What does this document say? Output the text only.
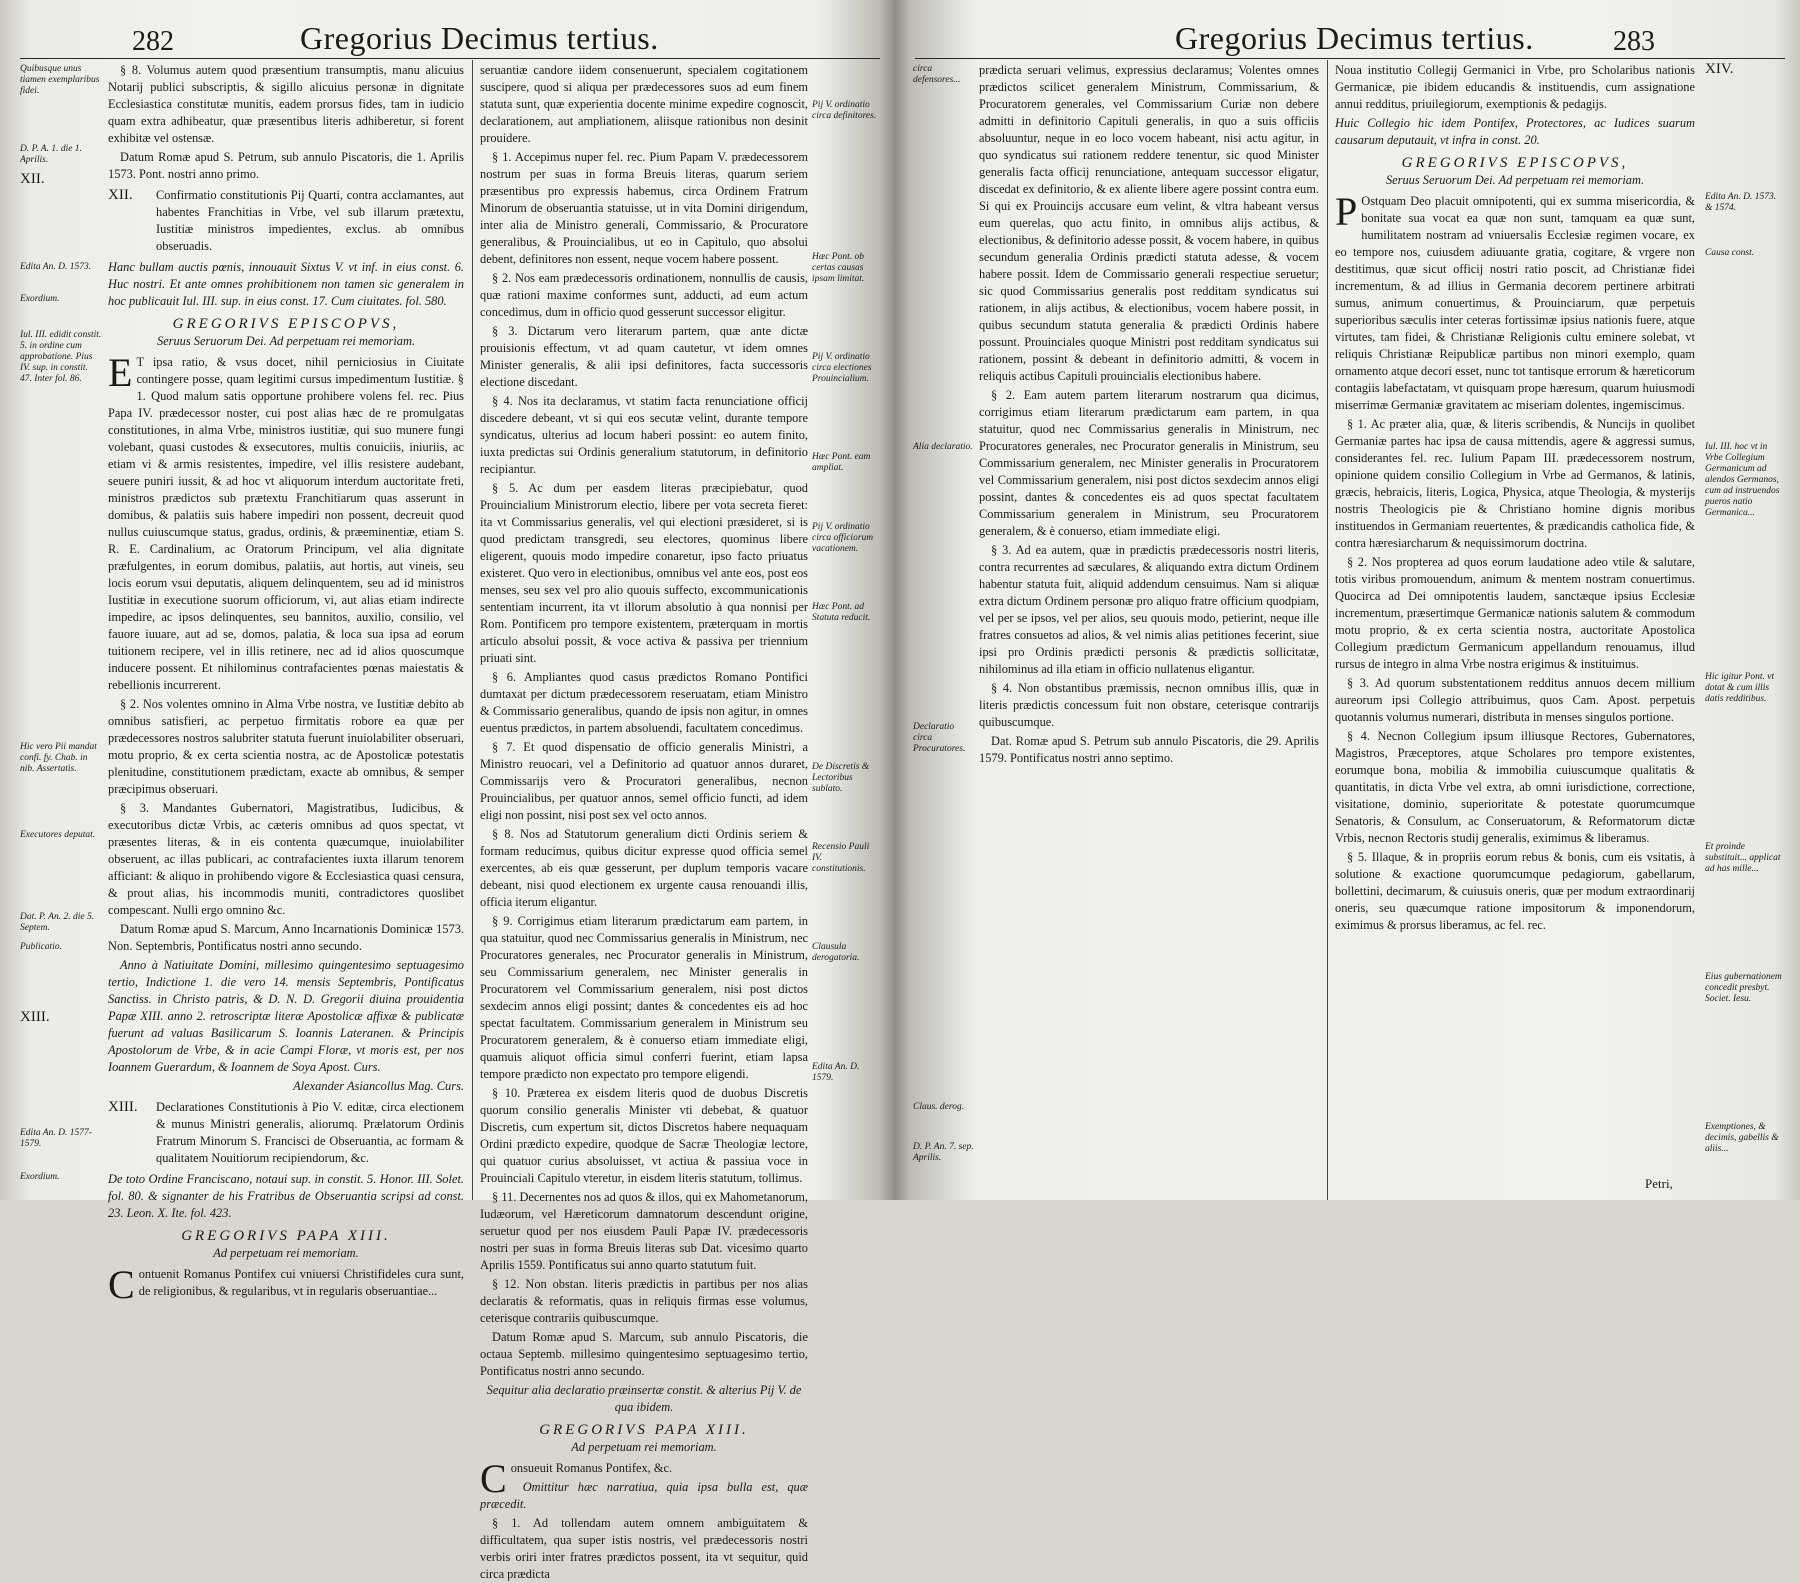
282	Gregorius Decimus tertius.
Quibusque unus tiamen exemplaribus fidei.
D. P. A. 1. die 1. Aprilis.
XII.
Edita An. D. 1573.
Exordium.
Iul. III. edidit constit. 5. in ordine cum approbatione. Pius IV. sup. in constit. 47. Inter fol. 86.
Hic vero Pii mandat confi. fy. Chab. in nib. Assertatis.
Executores deputat.
Dat. P. An. 2. die 5. Septem.
Publicatio.
XIII.
Edita An. D. 1577-1579.
Exordium.

§ 8. Volumus autem quod præsentium transumptis, manu alicuius Notarij publici subscriptis, & sigillo alicuius personæ in dignitate Ecclesiastica constitutæ munitis, eadem prorsus fides, tam in iudicio quam extra adhibeatur, quæ præsentibus literis adhiberetur, si forent exhibitæ vel ostensæ.

Datum Romæ apud S. Petrum, sub annulo Piscatoris, die 1. Aprilis 1573. Pont. nostri anno primo.

XII.	Confirmatio constitutionis Pij Quarti, contra acclamantes, aut habentes Franchitias in Vrbe, vel sub illarum prætextu, Iustitiæ ministros impedientes, exclus. ab omnibus obseruadis.

Hanc bullam auctis pœnis, innouauit Sixtus V. vt inf. in eius const. 6. Huc nostri. Et ante omnes prohibitionem non tamen sic generalem in hoc publicauit Iul. III. sup. in eius const. 17. Cum ciuitates. fol. 580.

GREGORIVS EPISCOPVS,

Seruus Seruorum Dei. Ad perpetuam rei memoriam.

E T ipsa ratio, & vsus docet, nihil perniciosius in Ciuitate contingere posse, quam legitimi cursus impedimentum Iustitiæ. § 1. Quod malum satis opportune prohibere volens fel. rec. Pius Papa IV. prædecessor noster, cui post alias hæc de re promulgatas constitutiones, in alma Vrbe, ministros iustitiæ, qui suo munere fungi volebant, quasi custodes & exsecutores, multis conuiciis, iniuriis, ac etiam vi & armis resistentes, impedire, vel illis resistere audebant, seuere puniri iussit, & ad hoc vt aliquorum interdum auctoritate freti, ministros prædictos sub prætextu Franchitiarum quas asserunt in domibus, & palatiis suis habere impediri non possent, decreuit quod nullus cuiuscumque status, gradus, ordinis, & præeminentiæ, etiam S. R. E. Cardinalium, ac Oratorum Principum, vel alia dignitate præfulgentes, in eorum domibus, palatiis, aut hortis, aut vineis, seu locis eorum vsui deputatis, aliquem delinquentem, seu ad id ministros Iustitiæ in executione suorum officiorum, vi, aut alias etiam indirecte impedire, ac ipsos delinquentes, seu bannitos, auxilio, consilio, vel fauore iuuare, aut ad se, domos, palatia, & loca sua ipsa ad eorum tuitionem recipere, vel in illis retinere, nec ad id alios quoscumque inducere possent. Et nihilominus contrafacientes pœnas maiestatis & rebellionis incurrerent.

§ 2. Nos volentes omnino in Alma Vrbe nostra, ve Iustitiæ debito ab omnibus satisfieri, ac perpetuo firmitatis robore ea quæ per prædecessores nostros salubriter statuta fuerunt inuiolabiliter obseruari, motu proprio, & ex certa scientia nostra, ac de Apostolicæ potestatis plenitudine, constitutionem prædictam, exacte ab omnibus, & semper præcipimus obseruari.

§ 3. Mandantes Gubernatori, Magistratibus, Iudicibus, & executoribus dictæ Vrbis, ac cæteris omnibus ad quos spectat, vt præsentes literas, & in eis contenta quæcumque, inuiolabiliter obseruent, ac illas publicari, ac contrafacientes iuxta illarum tenorem afficiant: & aliquo in prohibendo vigore & Ecclesiastica quasi censura, & prout alias, his incommodis muniti, contradictores quoslibet compescant. Nulli ergo omnino &c.

Datum Romæ apud S. Marcum, Anno Incarnationis Dominicæ 1573. Non. Septembris, Pontificatus nostri anno secundo.

Anno à Natiuitate Domini, millesimo quingentesimo septuagesimo tertio, Indictione 1. die vero 14. mensis Septembris, Pontificatus Sanctiss. in Christo patris, & D. N. D. Gregorii diuina prouidentia Papæ XIII. anno 2. retroscriptæ literæ Apostolicæ affixæ & publicatæ fuerunt ad valuas Basilicarum S. Ioannis Lateranen. & Principis Apostolorum de Vrbe, & in acie Campi Floræ, vt moris est, per nos Ioannem Guerardum, & Ioannem de Soya Apost. Curs.

Alexander Asiancollus Mag. Curs.

XIII.	Declarationes Constitutionis à Pio V. editæ, circa electionem & munus Ministri generalis, aliorumq. Prælatorum Ordinis Fratrum Minorum S. Francisci de Obseruantia, ac formam & qualitatem Nouitiorum recipiendorum, &c.

De toto Ordine Franciscano, notaui sup. in constit. 5. Honor. III. Solet. fol. 80. & signanter de his Fratribus de Obseruantia scripsi ad const. 23. Leon. X. Ite. fol. 423.

GREGORIVS PAPA XIII.

Ad perpetuam rei memoriam.

Contuenit Romanus Pontifex cui vniuersi Christifideles cura sunt, de religionibus, & regularibus, vt in regularis obseruantiae...

seruantiæ candore iidem consenuerunt, specialem cogitationem suscipere, quod si aliqua per prædecessores suos ad eum finem statuta sunt, quæ experientia docente minime expedire cognoscit, declarationem, aut ampliationem, aliisque rationibus non desinit prouidere.

§ 1. Accepimus nuper fel. rec. Pium Papam V. prædecessorem nostrum per suas in forma Breuis literas, quarum seriem præsentibus pro expressis habemus, circa Ordinem Fratrum Minorum de obseruantia statuisse, ut in vita Domini dirigendum, inter alia de Ministro generali, Commissario, & Procuratore generalibus, & Prouincialibus, ut eo in Capitulo, quo absolui debent, definitores non essent, neque vocem habere possent.

§ 2. Nos eam prædecessoris ordinationem, nonnullis de causis, quæ rationi maxime conformes sunt, adducti, ad eum actum concedimus, dum in officio quod gesserunt successor eligitur.

§ 3. Dictarum vero literarum partem, quæ ante dictæ prouisionis effectum, vt ad quam cautetur, vt idem omnes Minister generalis, & alii ipsi definitores, facta successoris electione discedant.

§ 4. Nos ita declaramus, vt statim facta renunciatione officij discedere debeant, vt si qui eos secutæ velint, durante tempore syndicatus, ulterius ad locum haberi possint: eo autem finito, iuxta predictas sui Ordinis generalium statutorum, in definitorio recipiantur.

§ 5. Ac dum per easdem literas præcipiebatur, quod Prouincialium Ministrorum electio, libere per vota secreta fieret: ita vt Commissarius generalis, vel qui electioni præsideret, si is quod predictam transgredi, seu electores, quominus libere eligerent, quouis modo impedire conaretur, ipso facto priuatus existeret. Quo vero in electionibus, omnibus vel ante eos, post eos menses, seu sex vel pro alio quouis suffecto, excommunicationis sententiam incurrent, ita vt illorum absolutio à qua nonnisi per Rom. Pontificem pro tempore existentem, præterquam in mortis articulo absolui possit, & voce activa & passiva per triennium priuati sint.

§ 6. Ampliantes quod casus prædictos Romano Pontifici dumtaxat per dictum prædecessorem reseruatam, etiam Ministro & Commissario generalibus, quando de ipsis non agitur, in omnes euentus prædictos, in partem absoluendi, facultatem concedimus.

§ 7. Et quod dispensatio de officio generalis Ministri, a Ministro reuocari, vel a Definitorio ad quatuor annos duraret, Commissarijs vero & Procuratori generalibus, necnon Prouincialibus, per quatuor annos, semel officio functi, ad idem eligi non possint, nisi post sex vel octo annos.

§ 8. Nos ad Statutorum generalium dicti Ordinis seriem & formam reducimus, quibus dicitur expresse quod officia semel exercentes, ab eis quæ gesserunt, per duplum temporis vacare debeant, nisi quod electionem ex urgente causa renouandi illis, officia iterum eligantur.

§ 9. Corrigimus etiam literarum prædictarum eam partem, in qua statuitur, quod nec Commissarius generalis in Ministrum, nec Procuratores generales, nec Procurator generalis in Ministrum, seu Commissarium generalem, nec Minister generalis in Procuratorem vel Commissarium generalem, nisi post dictos sexdecim annos eligi possint; dantes & concedentes eis ad hoc spectat facultatem. Commissarium generalem in Ministrum seu Procuratorem generalem, & è conuerso etiam immediate eligi, quamuis aliquot officia simul conferri fuerint, etiam lapsa tempore prædicto non expectato pro tempore eligendi.

§ 10. Præterea ex eisdem literis quod de duobus Discretis quorum consilio generalis Minister vti debebat, & quatuor Discretis, cum expertum sit, dictos Discretos habere nequaquam Ordini prædicto expedire, quodque de Sacræ Theologiæ lectore, qui quatuor curius absoluisset, vt actiua & passiua voce in Prouinciali Capitulo vteretur, in eisdem literis statutum, tollimus.

§ 11. Decernentes nos ad quos & illos, qui ex Mahometanorum, Iudæorum, vel Hæreticorum damnatorum descendunt origine, seruetur quod per nos eiusdem Pauli Papæ IV. prædecessoris nostri per suas in forma Breuis literas sub Dat. vicesimo quarto Aprilis 1559. Pontificatus sui anno quarto statutum fuit.

§ 12. Non obstan. literis prædictis in partibus per nos alias declaratis & reformatis, quas in reliquis firmas esse volumus, ceterisque contrariis quibuscumque.

Datum Romæ apud S. Marcum, sub annulo Piscatoris, die octaua Septemb. millesimo quingentesimo septuagesimo tertio, Pontificatus nostri anno secundo.

Sequitur alia declaratio præinsertæ constit. & alterius Pij V. de qua ibidem.

GREGORIVS PAPA XIII.

Ad perpetuam rei memoriam.

Consueuit Romanus Pontifex, &c.

Omittitur hæc narratiua, quia ipsa bulla est, quæ præcedit.

§ 1. Ad tollendam autem omnem ambiguitatem & difficultatem, qua super istis nostris, vel prædecessoris nostri verbis oriri inter fratres prædictos possent, ita vt sequitur, quid circa prædicta

Pij V. ordinatio circa definitores.
Hæc Pont. ob certas causas ipsam limitat.
Pij V. ordinatio circa electiones Prouincialium.
Hæc Pont. eam ampliat.
Pij V. ordinatio circa officiorum vacationem.
Hæc Pont. ad Statuta reducit.
De Discretis & Lectoribus sublato.
Recensio Pauli IV. constitutionis.
Clausula derogatoria.
Edita An. D. 1579.
Gregorius Decimus tertius.	283
circa defensores...
Alia declaratio.
Declaratio circa Procuratores.
Claus. derog.
D. P. An. 7. sep. Aprilis.

prædicta seruari velimus, expressius declaramus; Volentes omnes prædictos scilicet generalem Ministrum, Commissarium, & Procuratorem generales, vel Commissarium Curiæ non debere admitti in definitorio Capituli generalis, in quo a suis officiis absoluuntur, neque in eo loco vocem habeant, nisi actu agitur, in quo syndicatus sui rationem reddere tenentur, sic quod Minister generalis facta officij renunciatione, antequam successor eligatur, discedat ex definitorio, & ex aliente libere agere possint contra eum. Si qui ex Prouincijs accusare eum velint, & vltra habeant versus eum querelas, quo actu finito, in omnibus alijs actibus, & electionibus, & definitorio adesse possit, & vocem habere, in quibus secundum generalia Ordinis prædicti statuta adesse, & vocem habere possit. Idem de Commissario generali respectiue seruetur; sic quod Commissarius generalis post redditam syndicatus sui rationem, in alijs actibus, & electionibus, vocem habere possit, in quibus secundum statuta generalia & prædicti Ordinis habere possunt. Prouinciales quoque Ministri post redditam syndicatus sui rationem, possint & debeant in definitorio admitti, & vocem in reliquis actibus Capituli prouincialis electionibus habere.

§ 2. Eam autem partem literarum nostrarum qua dicimus, corrigimus etiam literarum prædictarum eam partem, in qua statuitur, quod nec Commissarius generalis in Ministrum, nec Procuratores generales, nec Procurator generalis in Ministrum, seu Commissarium generalem, nec Minister generalis in Procuratorem vel Commissarium generalem, nisi post dictos sexdecim annos eligi possint, dantes & concedentes eis ad quos spectat facultatem Commissarium generalem in Ministrum, seu Procuratorem generalem, & è conuerso, etiam immediate eligi.

§ 3. Ad ea autem, quæ in prædictis prædecessoris nostri literis, contra recurrentes ad sæculares, & aliquando extra dictum Ordinem habentur statuta fuit, aliquid addendum censuimus. Nam si aliquæ extra dictum Ordinem personæ pro aliquo fratre officium quodpiam, vel per se ipsos, vel per alios, seu quouis modo, petierint, neque ille fratres consuetos ad alios, & vel nimis alias petitiones fecerint, siue ipsi pro Ordinis prædicti personis & prædictis sollicitatæ, nihilominus ad illa etiam in officio nullatenus eligantur.

§ 4. Non obstantibus præmissis, necnon omnibus illis, quæ in literis prædictis concessum fuit non obstare, ceterisque contrarijs quibuscumque.

Dat. Romæ apud S. Petrum sub annulo Piscatoris, die 29. Aprilis 1579. Pontificatus nostri anno septimo.

Noua institutio Collegij Germanici in Vrbe, pro Scholaribus nationis Germanicæ, pie ibidem educandis & instituendis, cum assignatione annui redditus, priuilegiorum, exemptionis & pedagijs.

Huic Collegio hic idem Pontifex, Protectores, ac Iudices suarum causarum deputauit, vt infra in const. 20.

GREGORIVS EPISCOPVS,

Seruus Seruorum Dei. Ad perpetuam rei memoriam.

P Ostquam Deo placuit omnipotenti, qui ex summa misericordia, & bonitate sua vocat ea quæ non sunt, tamquam ea quæ sunt, humilitatem nostram ad vniuersalis Ecclesiæ regimen vocare, ex eo tempore nos, cuiusdem adiuuante gratia, cogitare, & vrgere non destitimus, quæ sicut officij nostri ratio poscit, ad Christianæ fidei incrementum, & ad illius in Germania decorem pertinere arbitrati sumus, animum conuertimus, & Prouinciarum, quæ perpetuis superioribus sæculis inter ceteras fortissimæ ipsius nationis fuere, atque virtutes, tam fidei, & Christianæ Religionis cultu eminere solebat, vt reliquis Christianæ Reipublicæ partibus non minori exemplo, quam ornamento atque decori esset, nunc tot tantisque errorum & hæreticorum contagiis labefactatam, vt quisquam prope hæresum, quarum huiusmodi miserrimæ Germaniæ gravitatem ac miseriam dolentes, ingemiscimus.

§ 1. Ac præter alia, quæ, & literis scribendis, & Nuncijs in quolibet Germaniæ partes hac ipsa de causa mittendis, agere & aggressi sumus, considerantes fel. rec. Iulium Papam III. prædecessorem nostrum, opinione quidem consilio Collegium in Vrbe ad Germanos, & latinis, græcis, hebraicis, literis, Logica, Physica, atque Theologia, & mysterijs nostris Theologicis pie & Christiano homine dignis moribus instituendos in Germaniam reuertentes, & prædicandis catholica fide, & contra hæresiarcharum & nequissimorum doctrina.

§ 2. Nos propterea ad quos eorum laudatione adeo vtile & salutare, totis viribus promouendum, animum & mentem nostram conuertimus. Quocirca ad Dei omnipotentis laudem, sanctæque ipsius Ecclesiæ incrementum, præsertimque Germanicæ nationis salutem & commodum motu proprio, & ex certa scientia nostra, auctoritate Apostolica Collegium prædictum Germanicum appellandum renouamus, illud rursus de integro in alma Vrbe nostra erigimus & instituimus.

§ 3. Ad quorum substentationem redditus annuos decem millium aureorum ipsi Collegio attribuimus, quos Cam. Apost. perpetuis quotannis volumus numerari, distributa in menses singulos portione.

§ 4. Necnon Collegium ipsum illiusque Rectores, Gubernatores, Magistros, Præceptores, atque Scholares pro tempore existentes, eorumque bona, mobilia & immobilia cuiuscumque qualitatis & quantitatis, in dicta Vrbe vel extra, ab omni iurisdictione, correctione, visitatione, dominio, superioritate & potestate quorumcumque Senatoris, & Consulum, ac Conseruatorum, & Reformatorum dictæ Vrbis, necnon Rectoris studij generalis, eximimus & liberamus.

§ 5. Illaque, & in propriis eorum rebus & bonis, cum eis vsitatis, à solutione & exactione quorumcumque pedagiorum, gabellarum, bollettini, decimarum, & cuiusuis oneris, quæ per modum extraordinarij oneris, seu quæcumque ratione impositorum & imponendorum, eximimus & prorsus liberamus, ac fel. rec.

Petri,
XIV.
Edita An. D. 1573. & 1574.
Causa const.
Iul. III. hoc vt in Vrbe Collegium Germanicum ad alendos Germanos, cum ad instruendos pueros natio Germanica...
Hic igitur Pont. vt dotat & cum illis datis redditibus.
Et proinde substituit... applicat ad has mille...
Eius gubernationem concedit presbyt. Societ. Iesu.
Exemptiones, & decimis, gabellis & aliis...
